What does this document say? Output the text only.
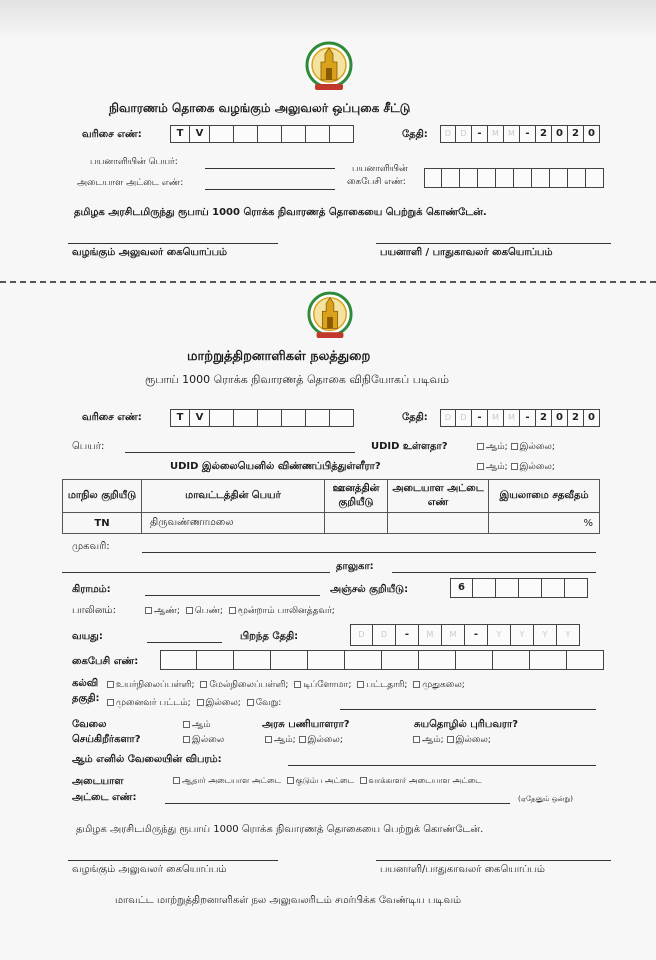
நிவாரணம் தொகை வழங்கும் அலுவலர் ஒப்புகை சீட்டு
வரிசை எண்:	T	V	தேதி:	D	D	-	M	M	-	2 0 2 0
பயனாளியின் பெயர்:
அடையாள அட்டை எண்:
பயனாளியின்
கைபேசி எண்:
தமிழக அரசிடமிருந்து ரூபாய் 1000 ரொக்க நிவாரணத் தொகையை பெற்றுக் கொண்டேன்.
வழங்கும் அலுவலர் கையொப்பம்	பயனாளி / பாதுகாவலர் கையொப்பம்
மாற்றுத்திறனாளிகள் நலத்துறை
ரூபாய் 1000 ரொக்க நிவாரணத் தொகை விநியோகப் படிவம்
வரிசை எண்:	T	V	தேதி:	D	D	-	M	M	-	2 0 2 0
பெயர்:	UDID உள்ளதா?	ஆம்; இல்லை;
UDID இல்லையெனில் விண்ணப்பித்துள்ளீரா?	ஆம்; இல்லை;
மாநில குறியீடு	மாவட்டத்தின் பெயர்	ஊனத்தின் குறியீடு	அடையாள அட்டை எண்	இயலாமை சதவீதம்
TN	திருவண்ணாமலை			%
முகவரி:
தாலுகா:
கிராமம்:	அஞ்சல் குறியீடு:	6
பாலினம்:	ஆண்; பெண்; மூன்றாம் பாலினத்தவர்;
வயது:	பிறந்த தேதி:	D	D	-	M	M	-	Y	Y	Y	Y
கைபேசி எண்:
கல்வி
தகுதி:
உயர்நிலைப்பள்ளி; மேல்நிலைப்பள்ளி; டிப்ளோமா; பட்டதாரி; முதுகலை;
முனைவர் பட்டம்; இல்லை; வேறு:
வேலை
செய்கிறீர்களா?
ஆம்
இல்லை
அரசு பணியாளரா?
ஆம்; இல்லை;
சுயதொழில் புரிபவரா?
ஆம்; இல்லை;
ஆம் எனில் வேலையின் விபரம்:
அடையாள
அட்டை எண்:
ஆதார் அடையாள அட்டை குடும்ப அட்டை வாக்காளர் அடையாள அட்டை
(ஏதேனும் ஒன்று)
தமிழக அரசிடமிருந்து ரூபாய் 1000 ரொக்க நிவாரணத் தொகையை பெற்றுக் கொண்டேன்.
வழங்கும் அலுவலர் கையொப்பம்	பயனாளி/பாதுகாவலர் கையொப்பம்
மாவட்ட மாற்றுத்திறனாளிகள் நல அலுவலரிடம் சமர்பிக்க வேண்டிய படிவம்
